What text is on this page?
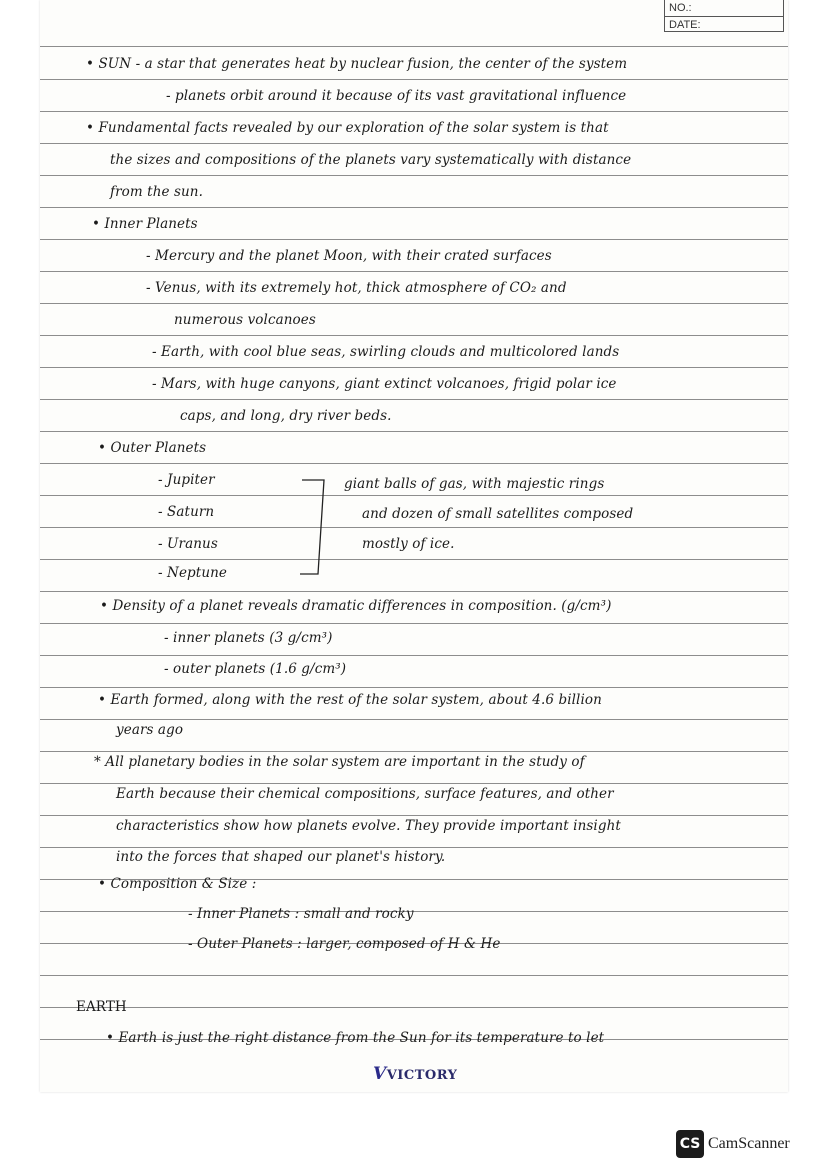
NO.:
DATE:
• SUN - a star that generates heat by nuclear fusion, the center of the system
- planets orbit around it because of its vast gravitational influence
• Fundamental facts revealed by our exploration of the solar system is that
the sizes and compositions of the planets vary systematically with distance
from the sun.
• Inner Planets
- Mercury and the planet Moon, with their crated surfaces
- Venus, with its extremely hot, thick atmosphere of CO₂ and
numerous volcanoes
- Earth, with cool blue seas, swirling clouds and multicolored lands
- Mars, with huge canyons, giant extinct volcanoes, frigid polar ice
caps, and long, dry river beds.
• Outer Planets
- Jupiter
- Saturn
- Uranus
- Neptune
giant balls of gas, with majestic rings
and dozen of small satellites composed
mostly of ice.
• Density of a planet reveals dramatic differences in composition. (g/cm³)
- inner planets (3 g/cm³)
- outer planets (1.6 g/cm³)
• Earth formed, along with the rest of the solar system, about 4.6 billion
years ago
* All planetary bodies in the solar system are important in the study of
Earth because their chemical compositions, surface features, and other
characteristics show how planets evolve. They provide important insight
into the forces that shaped our planet's history.
• Composition & Size :
- Inner Planets : small and rocky
- Outer Planets : larger, composed of H & He
EARTH
• Earth is just the right distance from the Sun for its temperature to let
VVICTORY
CS CamScanner
